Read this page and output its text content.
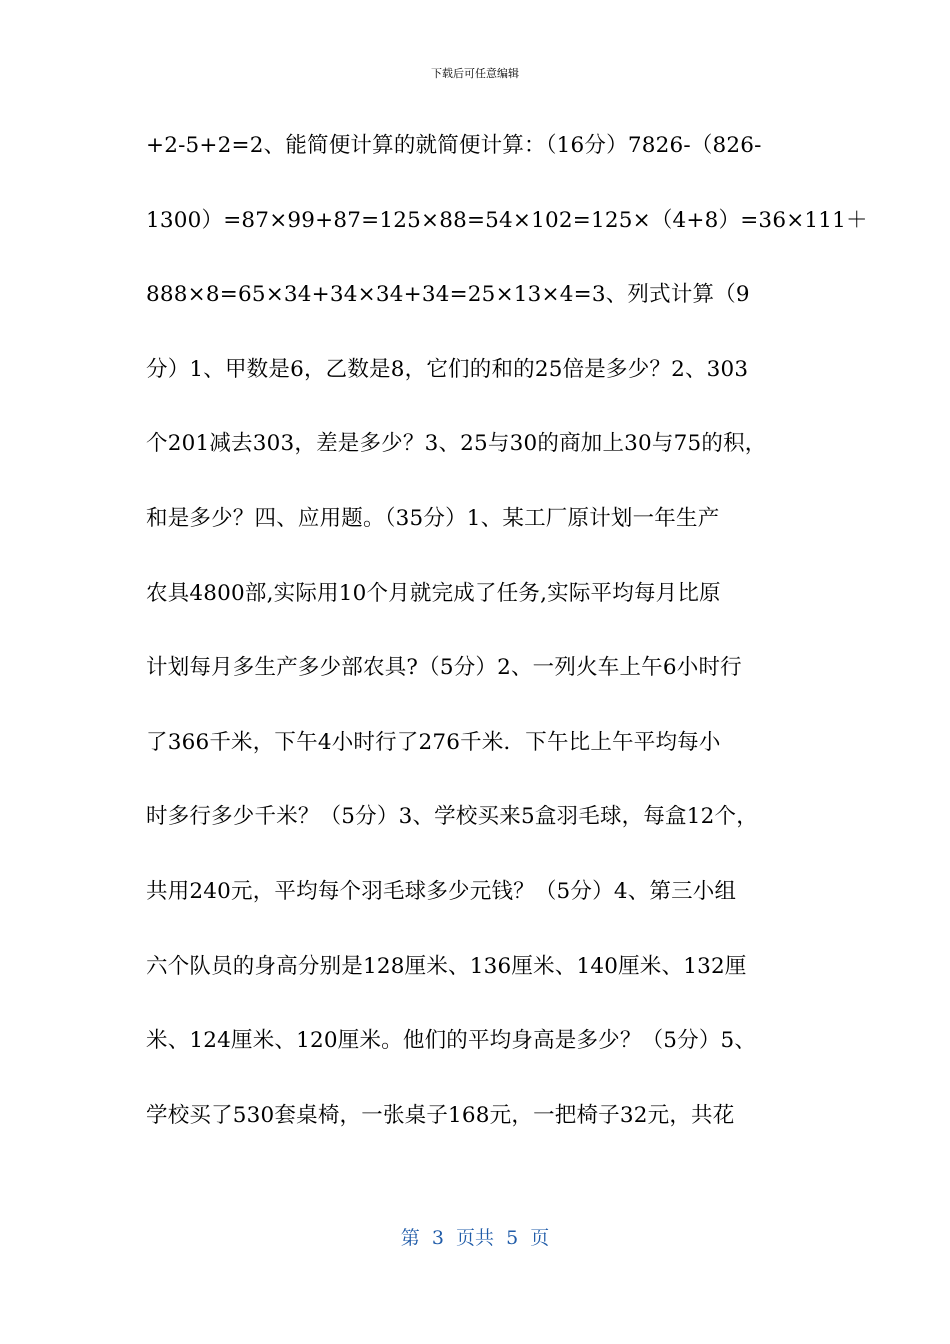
下载后可任意编辑
+2-5+2=2、能简便计算的就简便计算：（16分）7826-（826-
1300）=87×99+87=125×88=54×102=125×（4+8）=36×111＋
888×8=65×34+34×34+34=25×13×4=3、列式计算（9
分）1、甲数是6，乙数是8，它们的和的25倍是多少？2、303
个201减去303，差是多少？3、25与30的商加上30与75的积，
和是多少？四、应用题。（35分）1、某工厂原计划一年生产
农具4800部,实际用10个月就完成了任务,实际平均每月比原
计划每月多生产多少部农具?（5分）2、一列火车上午6小时行
了366千米，下午4小时行了276千米．下午比上午平均每小
时多行多少千米？（5分）3、学校买来5盒羽毛球，每盒12个，
共用240元，平均每个羽毛球多少元钱？（5分）4、第三小组
六个队员的身高分别是128厘米、136厘米、140厘米、132厘
米、124厘米、120厘米。他们的平均身高是多少？（5分）5、
学校买了530套桌椅，一张桌子168元，一把椅子32元，共花
第  3  页共  5  页
